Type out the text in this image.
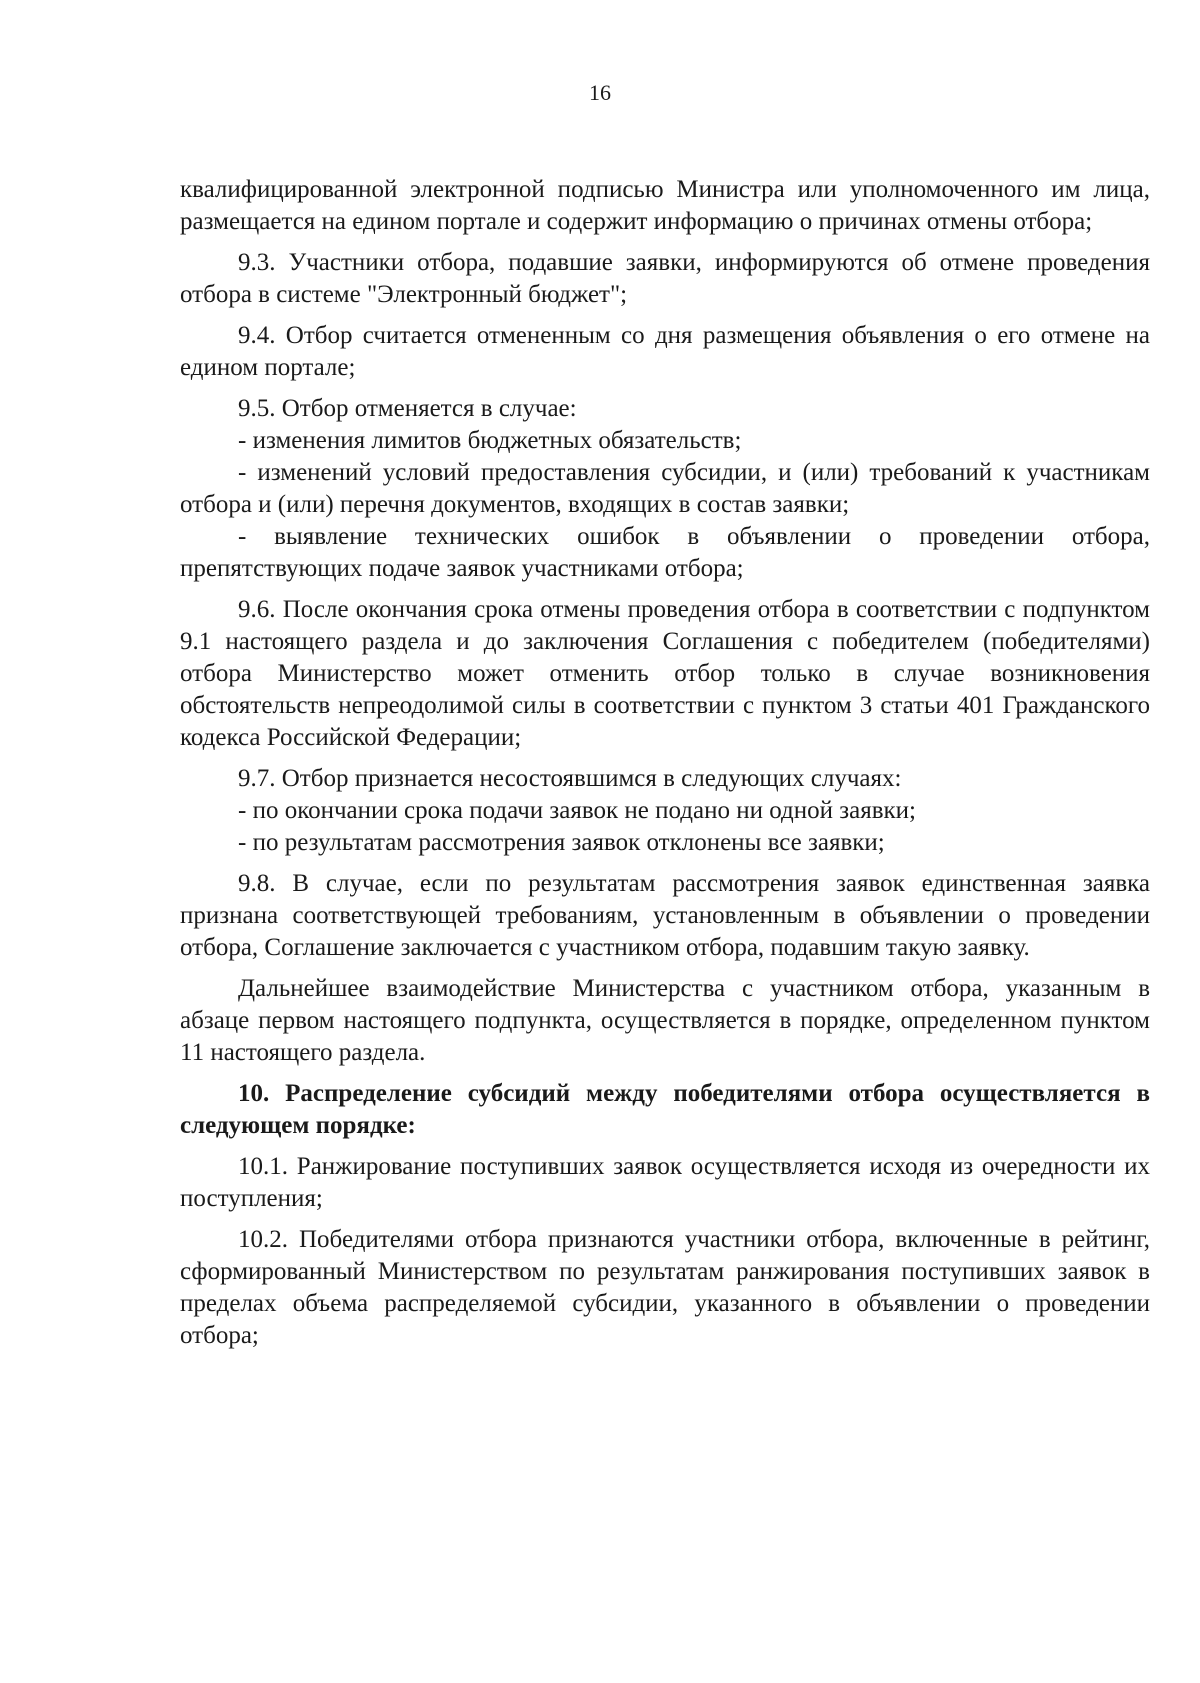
16

квалифицированной электронной подписью Министра или уполномоченного им лица, размещается на едином портале и содержит информацию о причинах отмены отбора;

9.3. Участники отбора, подавшие заявки, информируются об отмене проведения отбора в системе "Электронный бюджет";

9.4. Отбор считается отмененным со дня размещения объявления о его отмене на едином портале;

9.5. Отбор отменяется в случае:

- изменения лимитов бюджетных обязательств;

- изменений условий предоставления субсидии, и (или) требований к участникам отбора и (или) перечня документов, входящих в состав заявки;

- выявление технических ошибок в объявлении о проведении отбора, препятствующих подаче заявок участниками отбора;

9.6. После окончания срока отмены проведения отбора в соответствии с подпунктом 9.1 настоящего раздела и до заключения Соглашения с победителем (победителями) отбора Министерство может отменить отбор только в случае возникновения обстоятельств непреодолимой силы в соответствии с пунктом 3 статьи 401 Гражданского кодекса Российской Федерации;

9.7. Отбор признается несостоявшимся в следующих случаях:

- по окончании срока подачи заявок не подано ни одной заявки;

- по результатам рассмотрения заявок отклонены все заявки;

9.8. В случае, если по результатам рассмотрения заявок единственная заявка признана соответствующей требованиям, установленным в объявлении о проведении отбора, Соглашение заключается с участником отбора, подавшим такую заявку.

Дальнейшее взаимодействие Министерства с участником отбора, указанным в абзаце первом настоящего подпункта, осуществляется в порядке, определенном пунктом 11 настоящего раздела.

10. Распределение субсидий между победителями отбора осуществляется в следующем порядке:

10.1. Ранжирование поступивших заявок осуществляется исходя из очередности их поступления;

10.2. Победителями отбора признаются участники отбора, включенные в рейтинг, сформированный Министерством по результатам ранжирования поступивших заявок в пределах объема распределяемой субсидии, указанного в объявлении о проведении отбора;
